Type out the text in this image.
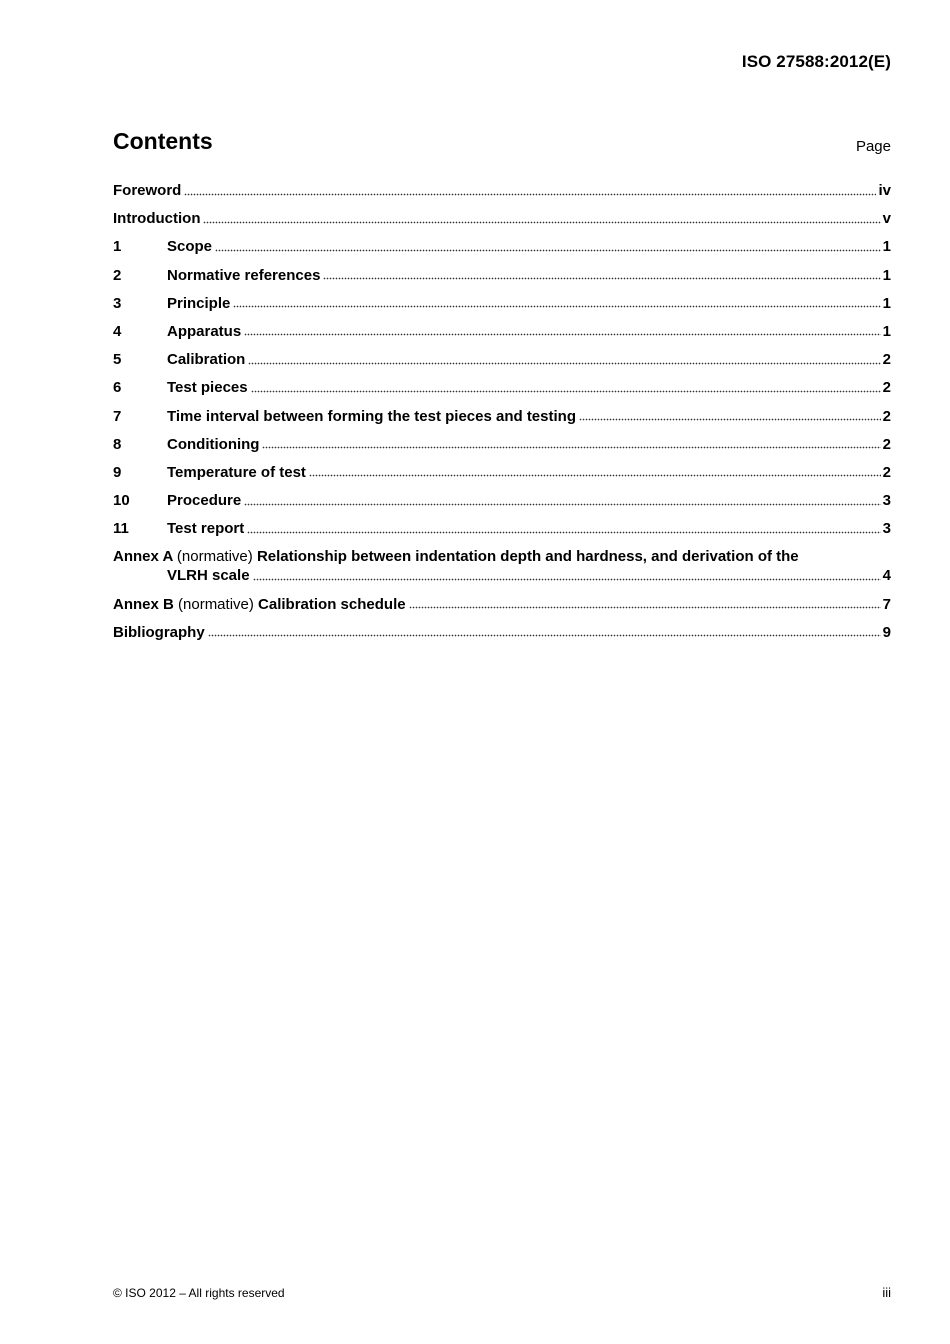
ISO 27588:2012(E)
Contents	Page
Foreword	iv
Introduction	v
1	Scope	1
2	Normative references	1
3	Principle	1
4	Apparatus	1
5	Calibration	2
6	Test pieces	2
7	Time interval between forming the test pieces and testing	2
8	Conditioning	2
9	Temperature of test	2
10	Procedure	3
11	Test report	3
Annex A (normative) Relationship between indentation depth and hardness, and derivation of the
VLRH scale	4
Annex B (normative) Calibration schedule	7
Bibliography	9
© ISO 2012 – All rights reserved	iii
